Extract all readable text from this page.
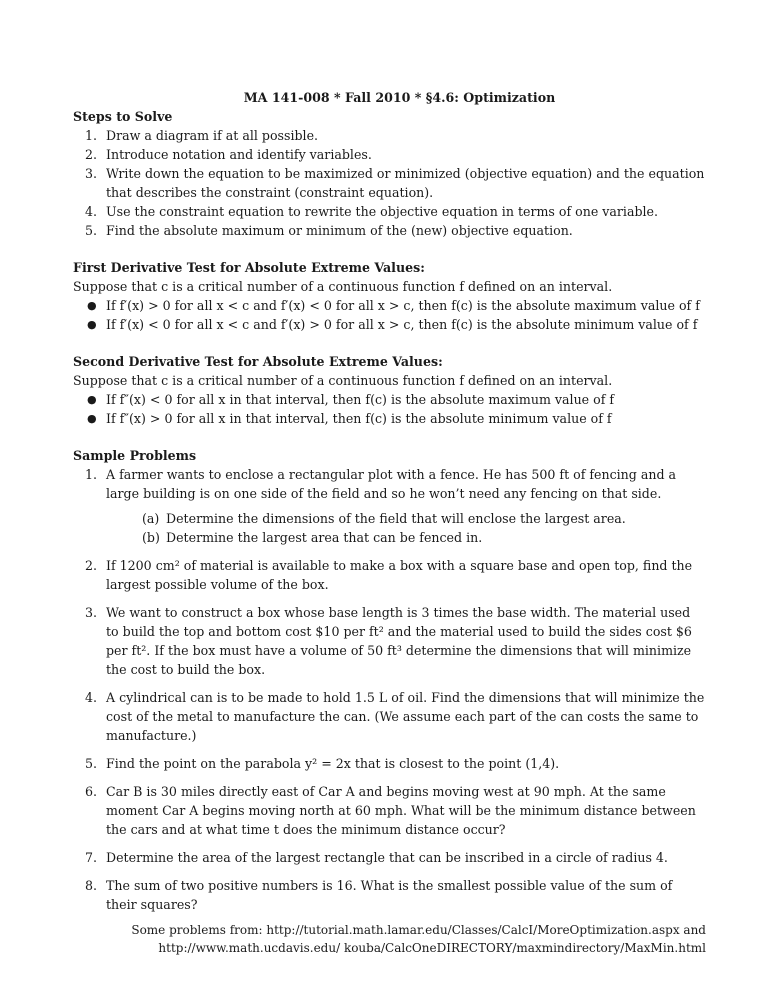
MA 141-008 * Fall 2010 * §4.6: Optimization
Steps to Solve
1. Draw a diagram if at all possible.
2. Introduce notation and identify variables.
3. Write down the equation to be maximized or minimized (objective equation) and the equation that describes the constraint (constraint equation).
4. Use the constraint equation to rewrite the objective equation in terms of one variable.
5. Find the absolute maximum or minimum of the (new) objective equation.
First Derivative Test for Absolute Extreme Values:
Suppose that c is a critical number of a continuous function f defined on an interval.
● If f′(x) > 0 for all x < c and f′(x) < 0 for all x > c, then f(c) is the absolute maximum value of f
● If f′(x) < 0 for all x < c and f′(x) > 0 for all x > c, then f(c) is the absolute minimum value of f
Second Derivative Test for Absolute Extreme Values:
Suppose that c is a critical number of a continuous function f defined on an interval.
● If f″(x) < 0 for all x in that interval, then f(c) is the absolute maximum value of f
● If f″(x) > 0 for all x in that interval, then f(c) is the absolute minimum value of f
Sample Problems
1. A farmer wants to enclose a rectangular plot with a fence. He has 500 ft of fencing and a large building is on one side of the field and so he won’t need any fencing on that side.
(a) Determine the dimensions of the field that will enclose the largest area.
(b) Determine the largest area that can be fenced in.
2. If 1200 cm² of material is available to make a box with a square base and open top, find the largest possible volume of the box.
3. We want to construct a box whose base length is 3 times the base width. The material used to build the top and bottom cost $10 per ft² and the material used to build the sides cost $6 per ft². If the box must have a volume of 50 ft³ determine the dimensions that will minimize the cost to build the box.
4. A cylindrical can is to be made to hold 1.5 L of oil. Find the dimensions that will minimize the cost of the metal to manufacture the can. (We assume each part of the can costs the same to manufacture.)
5. Find the point on the parabola y² = 2x that is closest to the point (1,4).
6. Car B is 30 miles directly east of Car A and begins moving west at 90 mph. At the same moment Car A begins moving north at 60 mph. What will be the minimum distance between the cars and at what time t does the minimum distance occur?
7. Determine the area of the largest rectangle that can be inscribed in a circle of radius 4.
8. The sum of two positive numbers is 16. What is the smallest possible value of the sum of their squares?
Some problems from: http://tutorial.math.lamar.edu/Classes/CalcI/MoreOptimization.aspx and
http://www.math.ucdavis.edu/ kouba/CalcOneDIRECTORY/maxmindirectory/MaxMin.html
